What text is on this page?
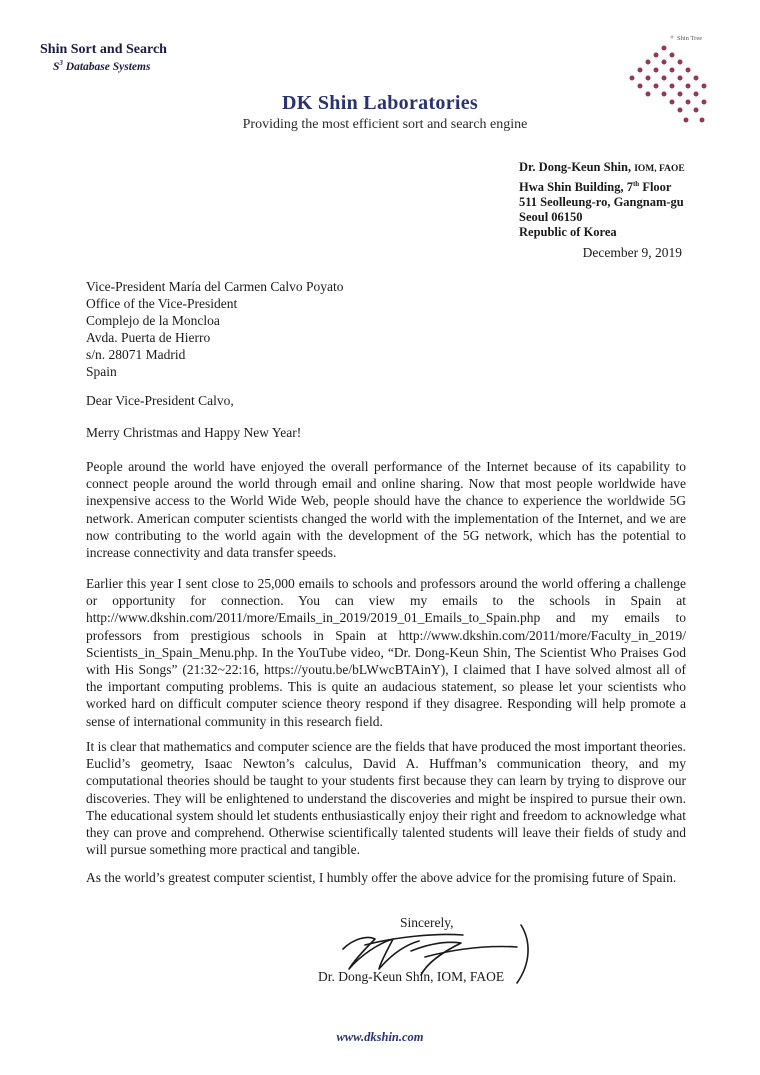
Shin Sort and Search
$S^3$ Database Systems
DK Shin Laboratories
Providing the most efficient sort and search engine
Shin Tree
Dr. Dong-Keun Shin, IOM, FAOE
Hwa Shin Building, 7th Floor
511 Seolleung-ro, Gangnam-gu
Seoul 06150
Republic of Korea
December 9, 2019
Vice-President María del Carmen Calvo Poyato
Office of the Vice-President
Complejo de la Moncloa
Avda. Puerta de Hierro
s/n. 28071 Madrid
Spain
Dear Vice-President Calvo,
Merry Christmas and Happy New Year!
People around the world have enjoyed the overall performance of the Internet because of its capability to connect people around the world through email and online sharing. Now that most people worldwide have inexpensive access to the World Wide Web, people should have the chance to experience the worldwide 5G network. American computer scientists changed the world with the implementation of the Internet, and we are now contributing to the world again with the development of the 5G network, which has the potential to increase connectivity and data transfer speeds.
Earlier this year I sent close to 25,000 emails to schools and professors around the world offering a challenge or opportunity for connection. You can view my emails to the schools in Spain at http://www.dkshin.com/2011/more/Emails_in_2019/2019_01_Emails_to_Spain.php and my emails to professors from prestigious schools in Spain at http://www.dkshin.com/2011/more/Faculty_in_2019/ Scientists_in_Spain_Menu.php. In the YouTube video, “Dr. Dong-Keun Shin, The Scientist Who Praises God with His Songs” (21:32~22:16, https://youtu.be/bLWwcBTAinY), I claimed that I have solved almost all of the important computing problems. This is quite an audacious statement, so please let your scientists who worked hard on difficult computer science theory respond if they disagree. Responding will help promote a sense of international community in this research field.
It is clear that mathematics and computer science are the fields that have produced the most important theories. Euclid’s geometry, Isaac Newton’s calculus, David A. Huffman’s communication theory, and my computational theories should be taught to your students first because they can learn by trying to disprove our discoveries. They will be enlightened to understand the discoveries and might be inspired to pursue their own. The educational system should let students enthusiastically enjoy their right and freedom to acknowledge what they can prove and comprehend. Otherwise scientifically talented students will leave their fields of study and will pursue something more practical and tangible.
As the world’s greatest computer scientist, I humbly offer the above advice for the promising future of Spain.
Sincerely,
Dr. Dong-Keun Shin, IOM, FAOE
www.dkshin.com
